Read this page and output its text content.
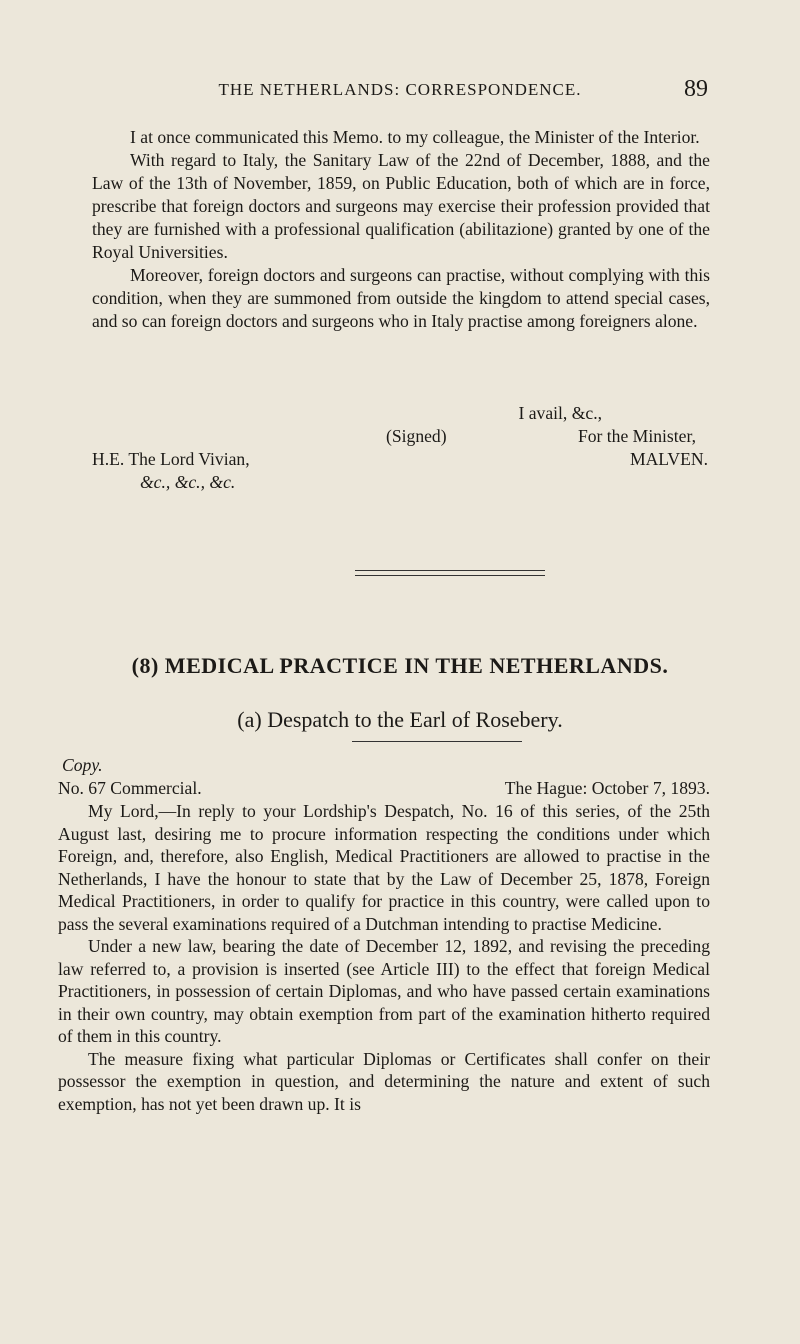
THE NETHERLANDS: CORRESPONDENCE.	89

I at once communicated this Memo. to my colleague, the Minister of the Interior.

With regard to Italy, the Sanitary Law of the 22nd of December, 1888, and the Law of the 13th of November, 1859, on Public Education, both of which are in force, prescribe that foreign doctors and surgeons may exercise their profession provided that they are furnished with a professional qualification (abilitazione) granted by one of the Royal Universities.

Moreover, foreign doctors and surgeons can practise, without complying with this condition, when they are summoned from outside the kingdom to attend special cases, and so can foreign doctors and surgeons who in Italy practise among foreigners alone.

I avail, &c.,
(Signed)	For the Minister,
H.E. The Lord Vivian,	MALVEN.
&c., &c., &c.
(8) MEDICAL PRACTICE IN THE NETHERLANDS.
(a) Despatch to the Earl of Rosebery.
Copy.
No. 67 Commercial.	The Hague: October 7, 1893.

My Lord,—In reply to your Lordship's Despatch, No. 16 of this series, of the 25th August last, desiring me to procure information respecting the conditions under which Foreign, and, therefore, also English, Medical Practitioners are allowed to practise in the Netherlands, I have the honour to state that by the Law of December 25, 1878, Foreign Medical Practitioners, in order to qualify for practice in this country, were called upon to pass the several examinations required of a Dutchman intending to practise Medicine.

Under a new law, bearing the date of December 12, 1892, and revising the preceding law referred to, a provision is inserted (see Article III) to the effect that foreign Medical Practitioners, in possession of certain Diplomas, and who have passed certain examinations in their own country, may obtain exemption from part of the examination hitherto required of them in this country.

The measure fixing what particular Diplomas or Certificates shall confer on their possessor the exemption in question, and determining the nature and extent of such exemption, has not yet been drawn up. It is
